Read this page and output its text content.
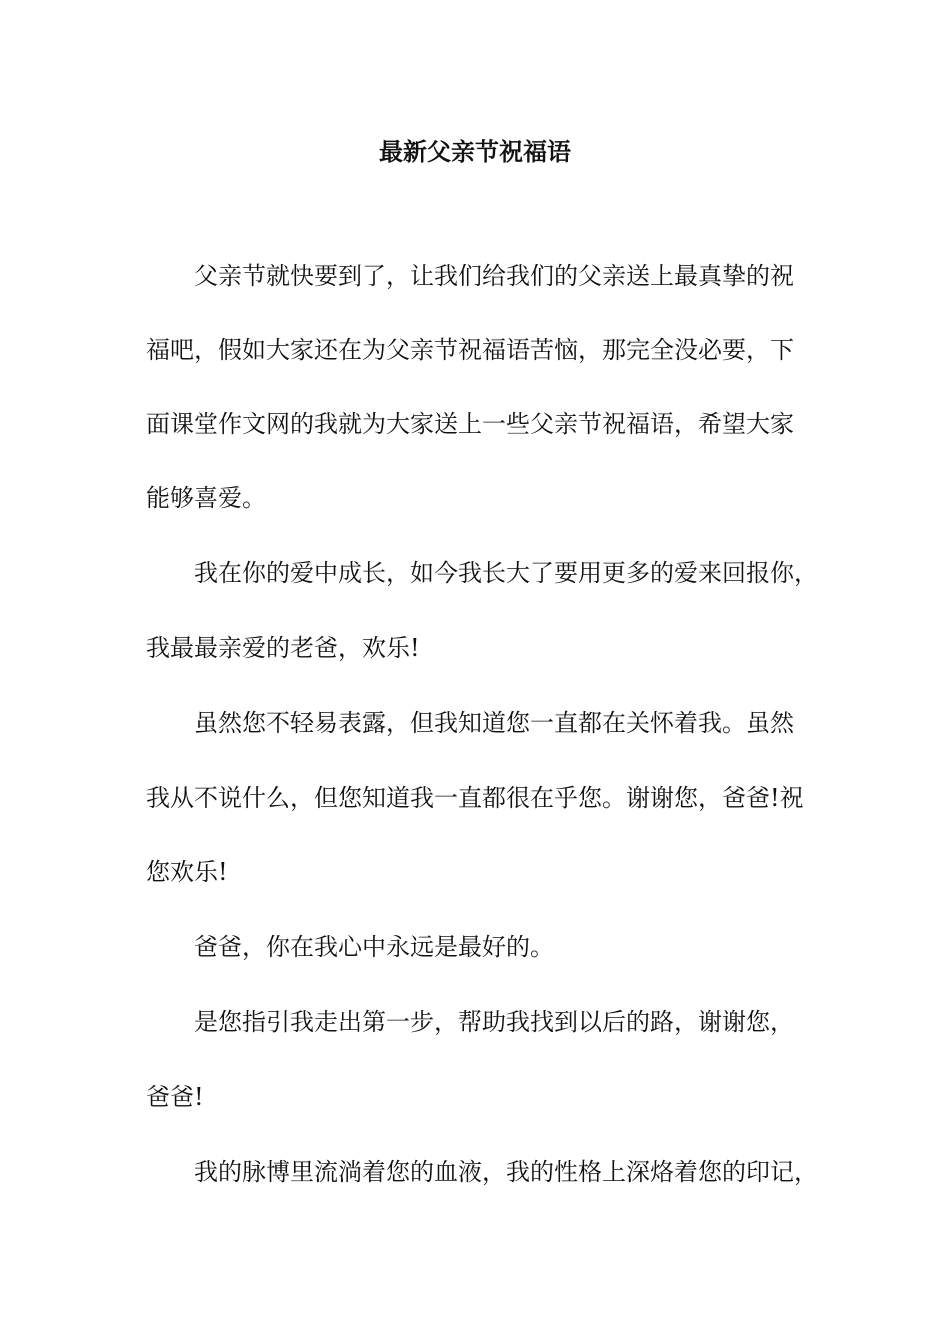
最新父亲节祝福语
父亲节就快要到了，让我们给我们的父亲送上最真挚的祝
福吧，假如大家还在为父亲节祝福语苦恼，那完全没必要，下
面课堂作文网的我就为大家送上一些父亲节祝福语，希望大家
能够喜爱。
我在你的爱中成长，如今我长大了要用更多的爱来回报你，
我最最亲爱的老爸，欢乐!
虽然您不轻易表露，但我知道您一直都在关怀着我。虽然
我从不说什么，但您知道我一直都很在乎您。谢谢您，爸爸!祝
您欢乐!
爸爸，你在我心中永远是最好的。
是您指引我走出第一步，帮助我找到以后的路，谢谢您，
爸爸!
我的脉博里流淌着您的血液，我的性格上深烙着您的印记，
